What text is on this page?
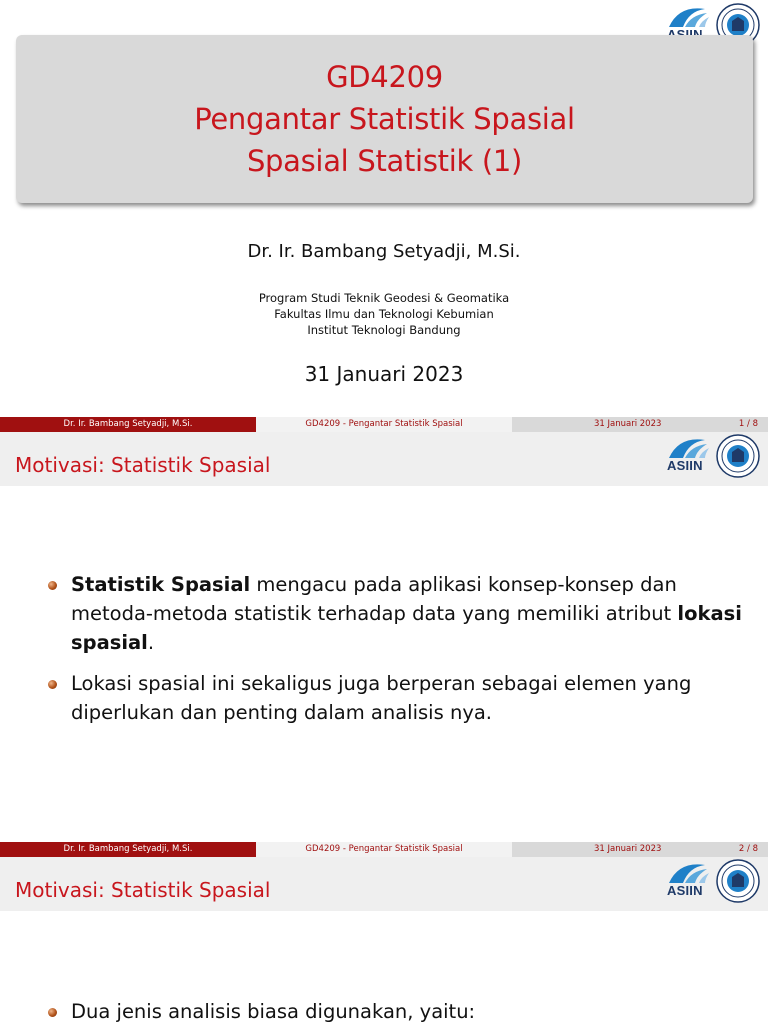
GD4209
Pengantar Statistik Spasial
Spasial Statistik (1)
Dr. Ir. Bambang Setyadji, M.Si.
Program Studi Teknik Geodesi & Geomatika
Fakultas Ilmu dan Teknologi Kebumian
Institut Teknologi Bandung
31 Januari 2023
Dr. Ir. Bambang Setyadji, M.Si.	GD4209 - Pengantar Statistik Spasial	31 Januari 2023	1 / 8
Motivasi: Statistik Spasial	ASIIN
Statistik Spasial mengacu pada aplikasi konsep-konsep dan metoda-metoda statistik terhadap data yang memiliki atribut lokasi spasial.
Lokasi spasial ini sekaligus juga berperan sebagai elemen yang diperlukan dan penting dalam analisis nya.
Dr. Ir. Bambang Setyadji, M.Si.	GD4209 - Pengantar Statistik Spasial	31 Januari 2023	2 / 8
Motivasi: Statistik Spasial	ASIIN
Dua jenis analisis biasa digunakan, yaitu:
